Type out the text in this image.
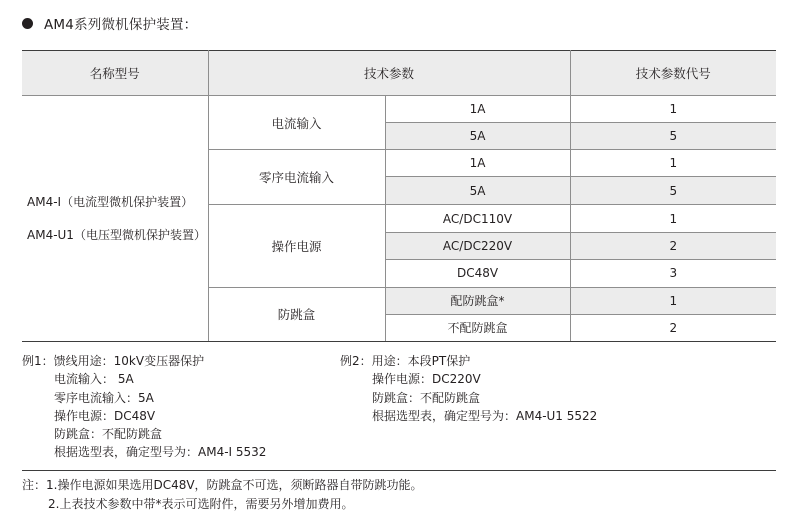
AM4系列微机保护装置：
名称型号	技术参数		技术参数代号

AM4-I（电流型微机保护装置）
AM4-U1（电压型微机保护装置）	电流输入	1A	1
		5A	5
	零序电流输入	1A	1
		5A	5
	操作电源	AC/DC110V	1
		AC/DC220V	2
		DC48V	3
	防跳盒	配防跳盒*	1
		不配防跳盒	2
例1：馈线用途：10kV变压器保护
电流输入： 5A
零序电流输入：5A
操作电源：DC48V
防跳盒：不配防跳盒
根据选型表，确定型号为：AM4-I 5532
例2：用途：本段PT保护
操作电源：DC220V
防跳盒：不配防跳盒
根据选型表，确定型号为：AM4-U1 5522
注：1.操作电源如果选用DC48V，防跳盒不可选，须断路器自带防跳功能。
2.上表技术参数中带*表示可选附件，需要另外增加费用。
